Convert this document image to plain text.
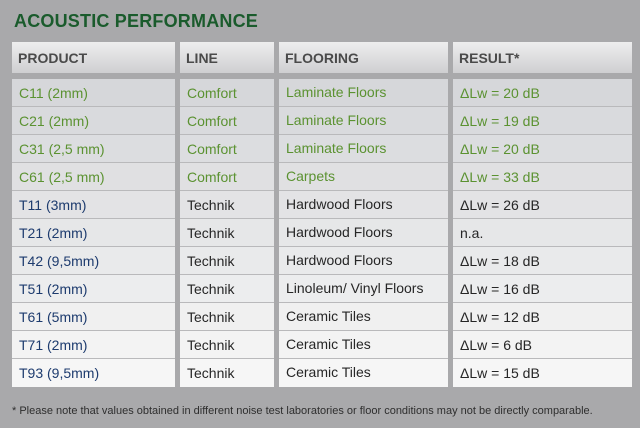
ACOUSTIC PERFORMANCE
PRODUCT	LINE	FLOORING	RESULT*
C11 (2mm)	Comfort	Laminate Floors	ΔLw = 20 dB
C21 (2mm)	Comfort	Laminate Floors	ΔLw = 19 dB
C31 (2,5 mm)	Comfort	Laminate Floors	ΔLw = 20 dB
C61 (2,5 mm)	Comfort	Carpets	ΔLw = 33 dB
T11 (3mm)	Technik	Hardwood Floors	ΔLw = 26 dB
T21 (2mm)	Technik	Hardwood Floors	n.a.
T42 (9,5mm)	Technik	Hardwood Floors	ΔLw = 18 dB
T51 (2mm)	Technik	Linoleum/ Vinyl Floors	ΔLw = 16 dB
T61 (5mm)	Technik	Ceramic Tiles	ΔLw = 12 dB
T71 (2mm)	Technik	Ceramic Tiles	ΔLw = 6 dB
T93 (9,5mm)	Technik	Ceramic Tiles	ΔLw = 15 dB
* Please note that values obtained in different noise test laboratories or floor conditions may not be directly comparable.
